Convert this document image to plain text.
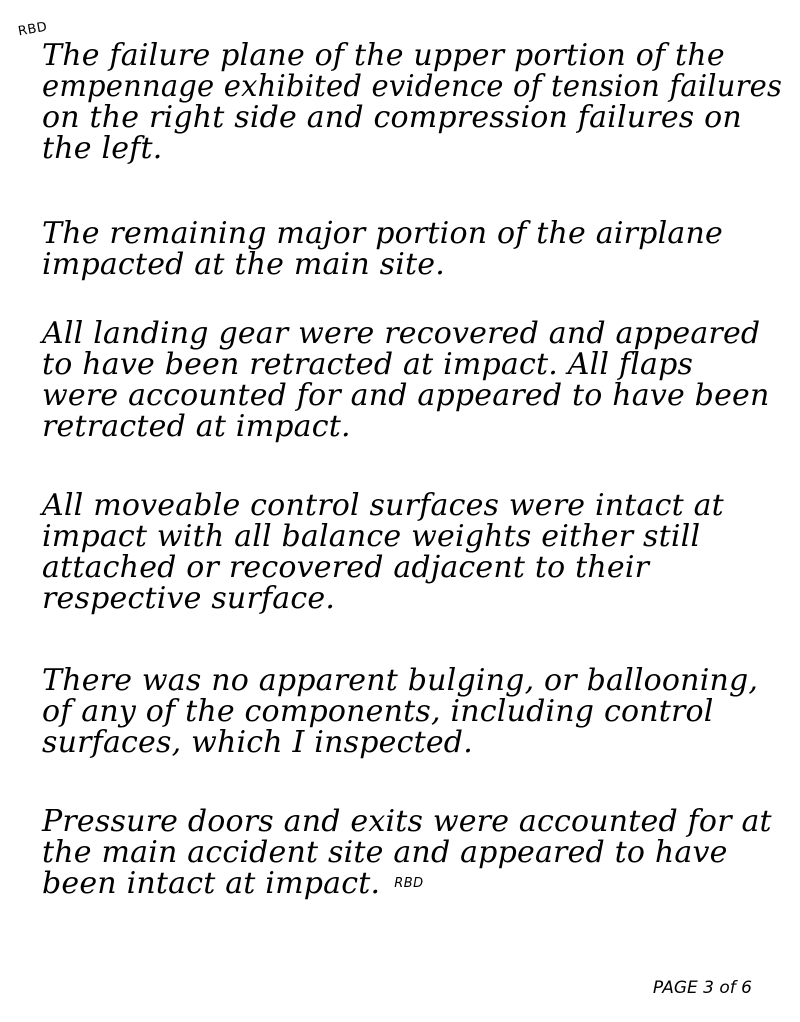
RBD
The failure plane of the upper portion of the
empennage exhibited evidence of tension failures
on the right side and compression failures on
the left.
The remaining major portion of the airplane
impacted at the main site.
All landing gear were recovered and appeared
to have been retracted at impact. All flaps
were accounted for and appeared to have been
retracted at impact.
All moveable control surfaces were intact at
impact with all balance weights either still
attached or recovered adjacent to their
respective surface.
There was no apparent bulging, or ballooning,
of any of the components, including control
surfaces, which I inspected.
Pressure doors and exits were accounted for at
the main accident site and appeared to have
been intact at impact. RBD
PAGE 3 of 6
